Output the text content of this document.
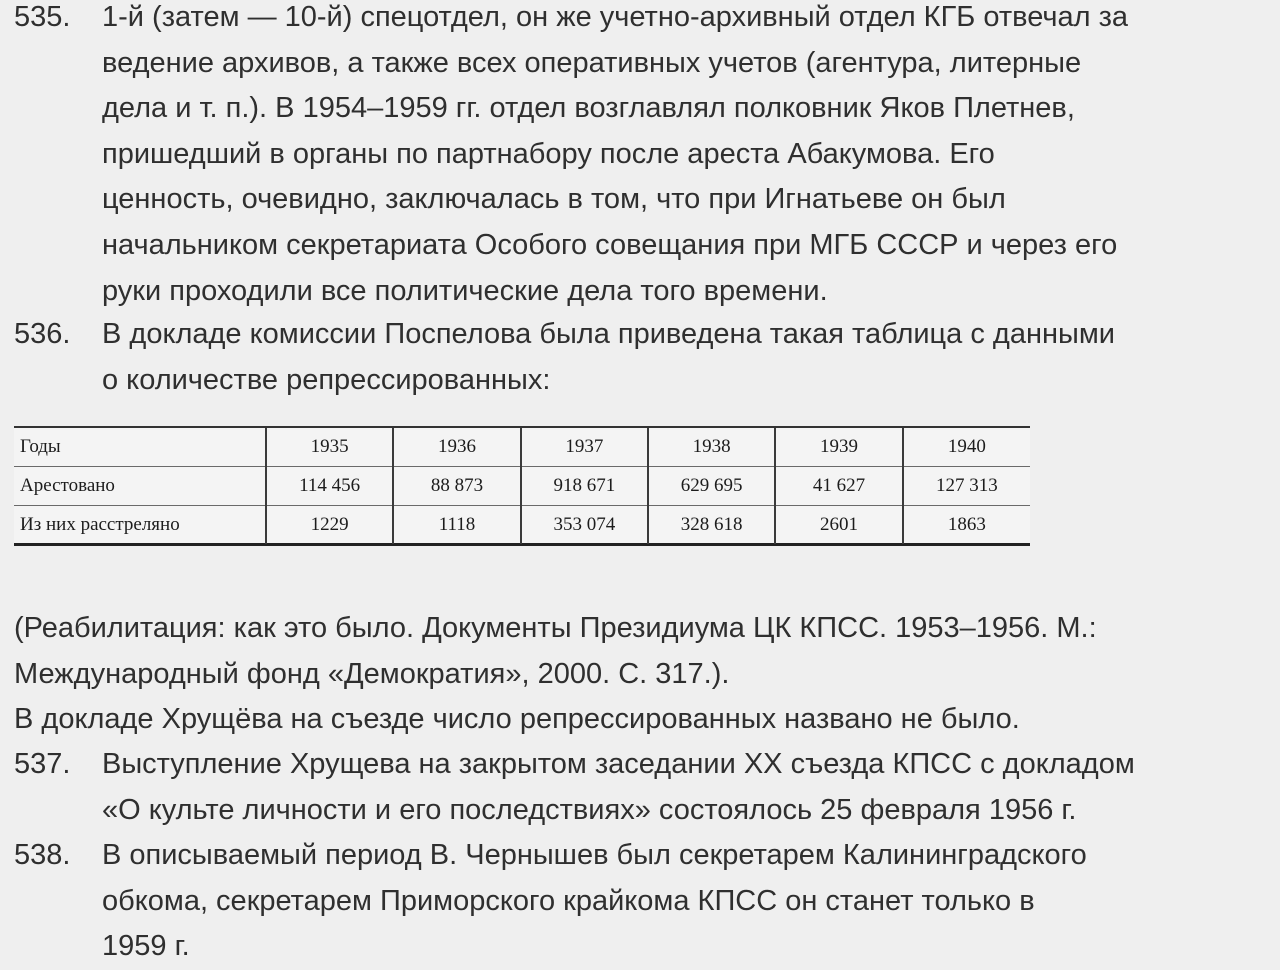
535.	1-й (затем — 10-й) спецотдел, он же учетно-архивный отдел КГБ отвечал за
ведение архивов, а также всех оперативных учетов (агентура, литерные
дела и т. п.). В 1954–1959 гг. отдел возглавлял полковник Яков Плетнев,
пришедший в органы по партнабору после ареста Абакумова. Его
ценность, очевидно, заключалась в том, что при Игнатьеве он был
начальником секретариата Особого совещания при МГБ СССР и через его
руки проходили все политические дела того времени.
536.	В докладе комиссии Поспелова была приведена такая таблица с данными
о количестве репрессированных:
Годы	1935	1936	1937	1938	1939	1940
Арестовано	114 456	88 873	918 671	629 695	41 627	127 313
Из них расстреляно	1229	1118	353 074	328 618	2601	1863
(Реабилитация: как это было. Документы Президиума ЦК КПСС. 1953–1956. М.:
Международный фонд «Демократия», 2000. С. 317.).
В докладе Хрущёва на съезде число репрессированных названо не было.
537.	Выступление Хрущева на закрытом заседании XX съезда КПСС с докладом
«О культе личности и его последствиях» состоялось 25 февраля 1956 г.
538.	В описываемый период В. Чернышев был секретарем Калининградского
обкома, секретарем Приморского крайкома КПСС он станет только в
1959 г.
